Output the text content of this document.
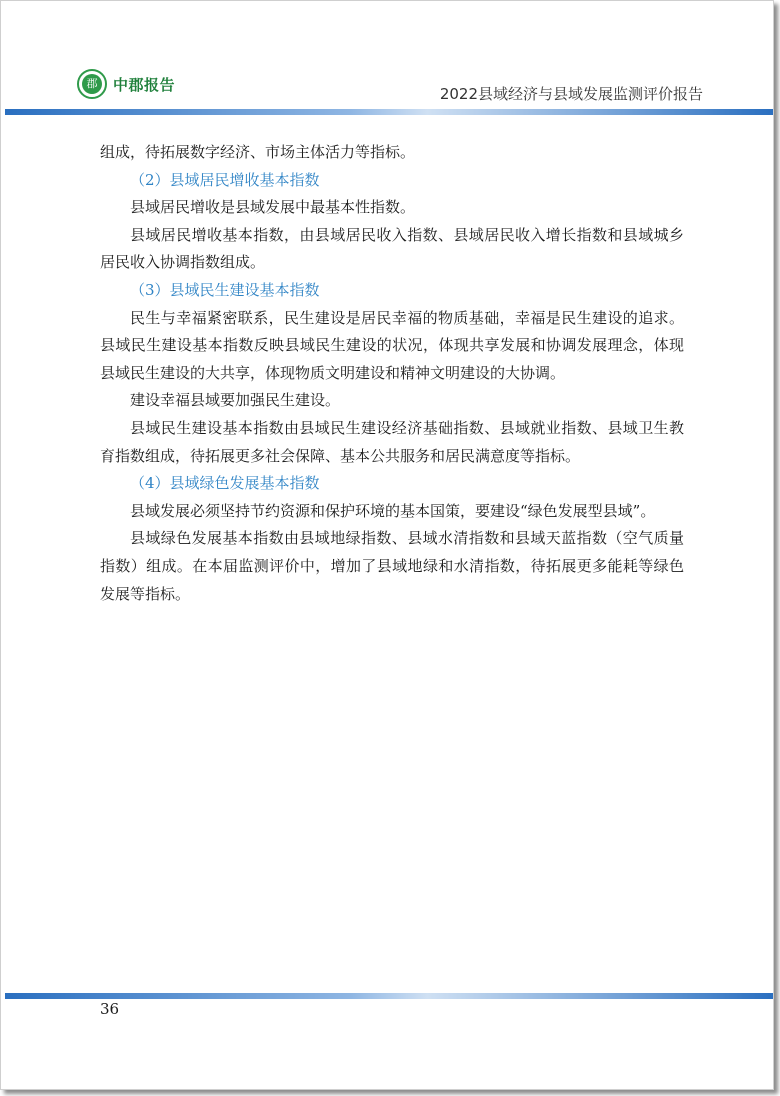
郡	中郡报告
2022县域经济与县域发展监测评价报告

组成，待拓展数字经济、市场主体活力等指标。

（2）县域居民增收基本指数

县域居民增收是县域发展中最基本性指数。

县域居民增收基本指数，由县域居民收入指数、县域居民收入增长指数和县域城乡居民收入协调指数组成。

（3）县域民生建设基本指数

民生与幸福紧密联系，民生建设是居民幸福的物质基础，幸福是民生建设的追求。县域民生建设基本指数反映县域民生建设的状况，体现共享发展和协调发展理念，体现县域民生建设的大共享，体现物质文明建设和精神文明建设的大协调。

建设幸福县域要加强民生建设。

县域民生建设基本指数由县域民生建设经济基础指数、县域就业指数、县域卫生教育指数组成，待拓展更多社会保障、基本公共服务和居民满意度等指标。

（4）县域绿色发展基本指数

县域发展必须坚持节约资源和保护环境的基本国策，要建设“绿色发展型县域”。

县域绿色发展基本指数由县域地绿指数、县域水清指数和县域天蓝指数（空气质量指数）组成。在本届监测评价中，增加了县域地绿和水清指数，待拓展更多能耗等绿色发展等指标。

36
